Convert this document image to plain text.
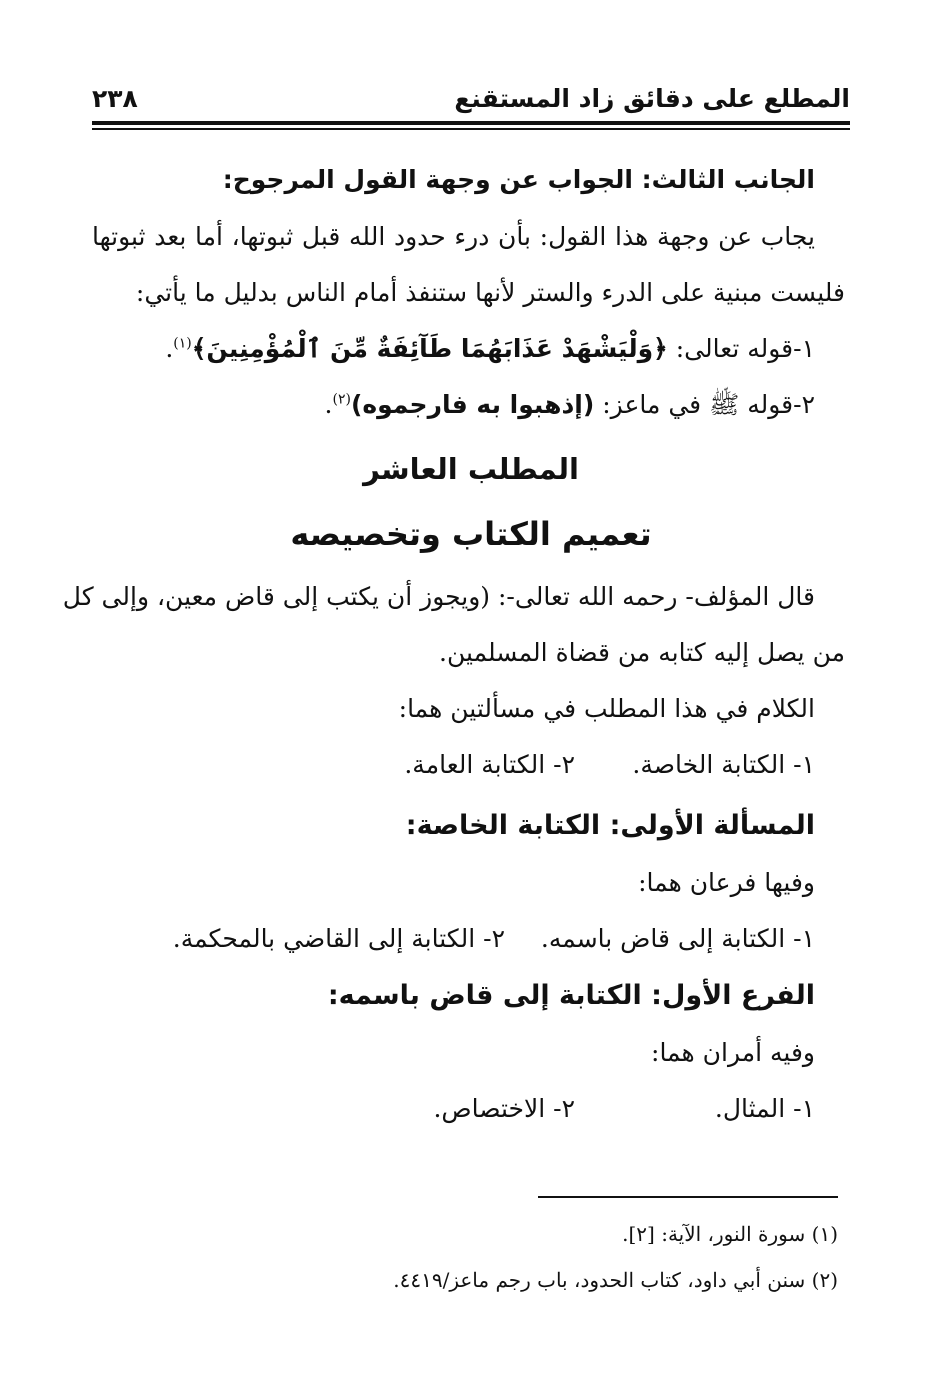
المطلع على دقائق زاد المستقنع
٢٣٨
الجانب الثالث: الجواب عن وجهة القول المرجوح:
يجاب عن وجهة هذا القول: بأن درء حدود الله قبل ثبوتها، أما بعد ثبوتها
فليست مبنية على الدرء والستر لأنها ستنفذ أمام الناس بدليل ما يأتي:
١-قوله تعالى: ﴿وَلْيَشْهَدْ عَذَابَهُمَا طَآئِفَةٌ مِّنَ ٱلْمُؤْمِنِينَ﴾$^{(١)}$.
٢-قوله ﷺ في ماعز: (إذهبوا به فارجموه)$^{(٢)}$.
المطلب العاشر
تعميم الكتاب وتخصيصه
قال المؤلف- رحمه الله تعالى-: (ويجوز أن يكتب إلى قاض معين، وإلى كل
من يصل إليه كتابه من قضاة المسلمين.
الكلام في هذا المطلب في مسألتين هما:
١- الكتابة الخاصة.
٢- الكتابة العامة.
المسألة الأولى: الكتابة الخاصة:
وفيها فرعان هما:
١- الكتابة إلى قاض باسمه.
٢- الكتابة إلى القاضي بالمحكمة.
الفرع الأول: الكتابة إلى قاض باسمه:
وفيه أمران هما:
١- المثال.
٢- الاختصاص.
(١) سورة النور، الآية: [٢].
(٢) سنن أبي داود، كتاب الحدود، باب رجم ماعز/٤٤١٩.
